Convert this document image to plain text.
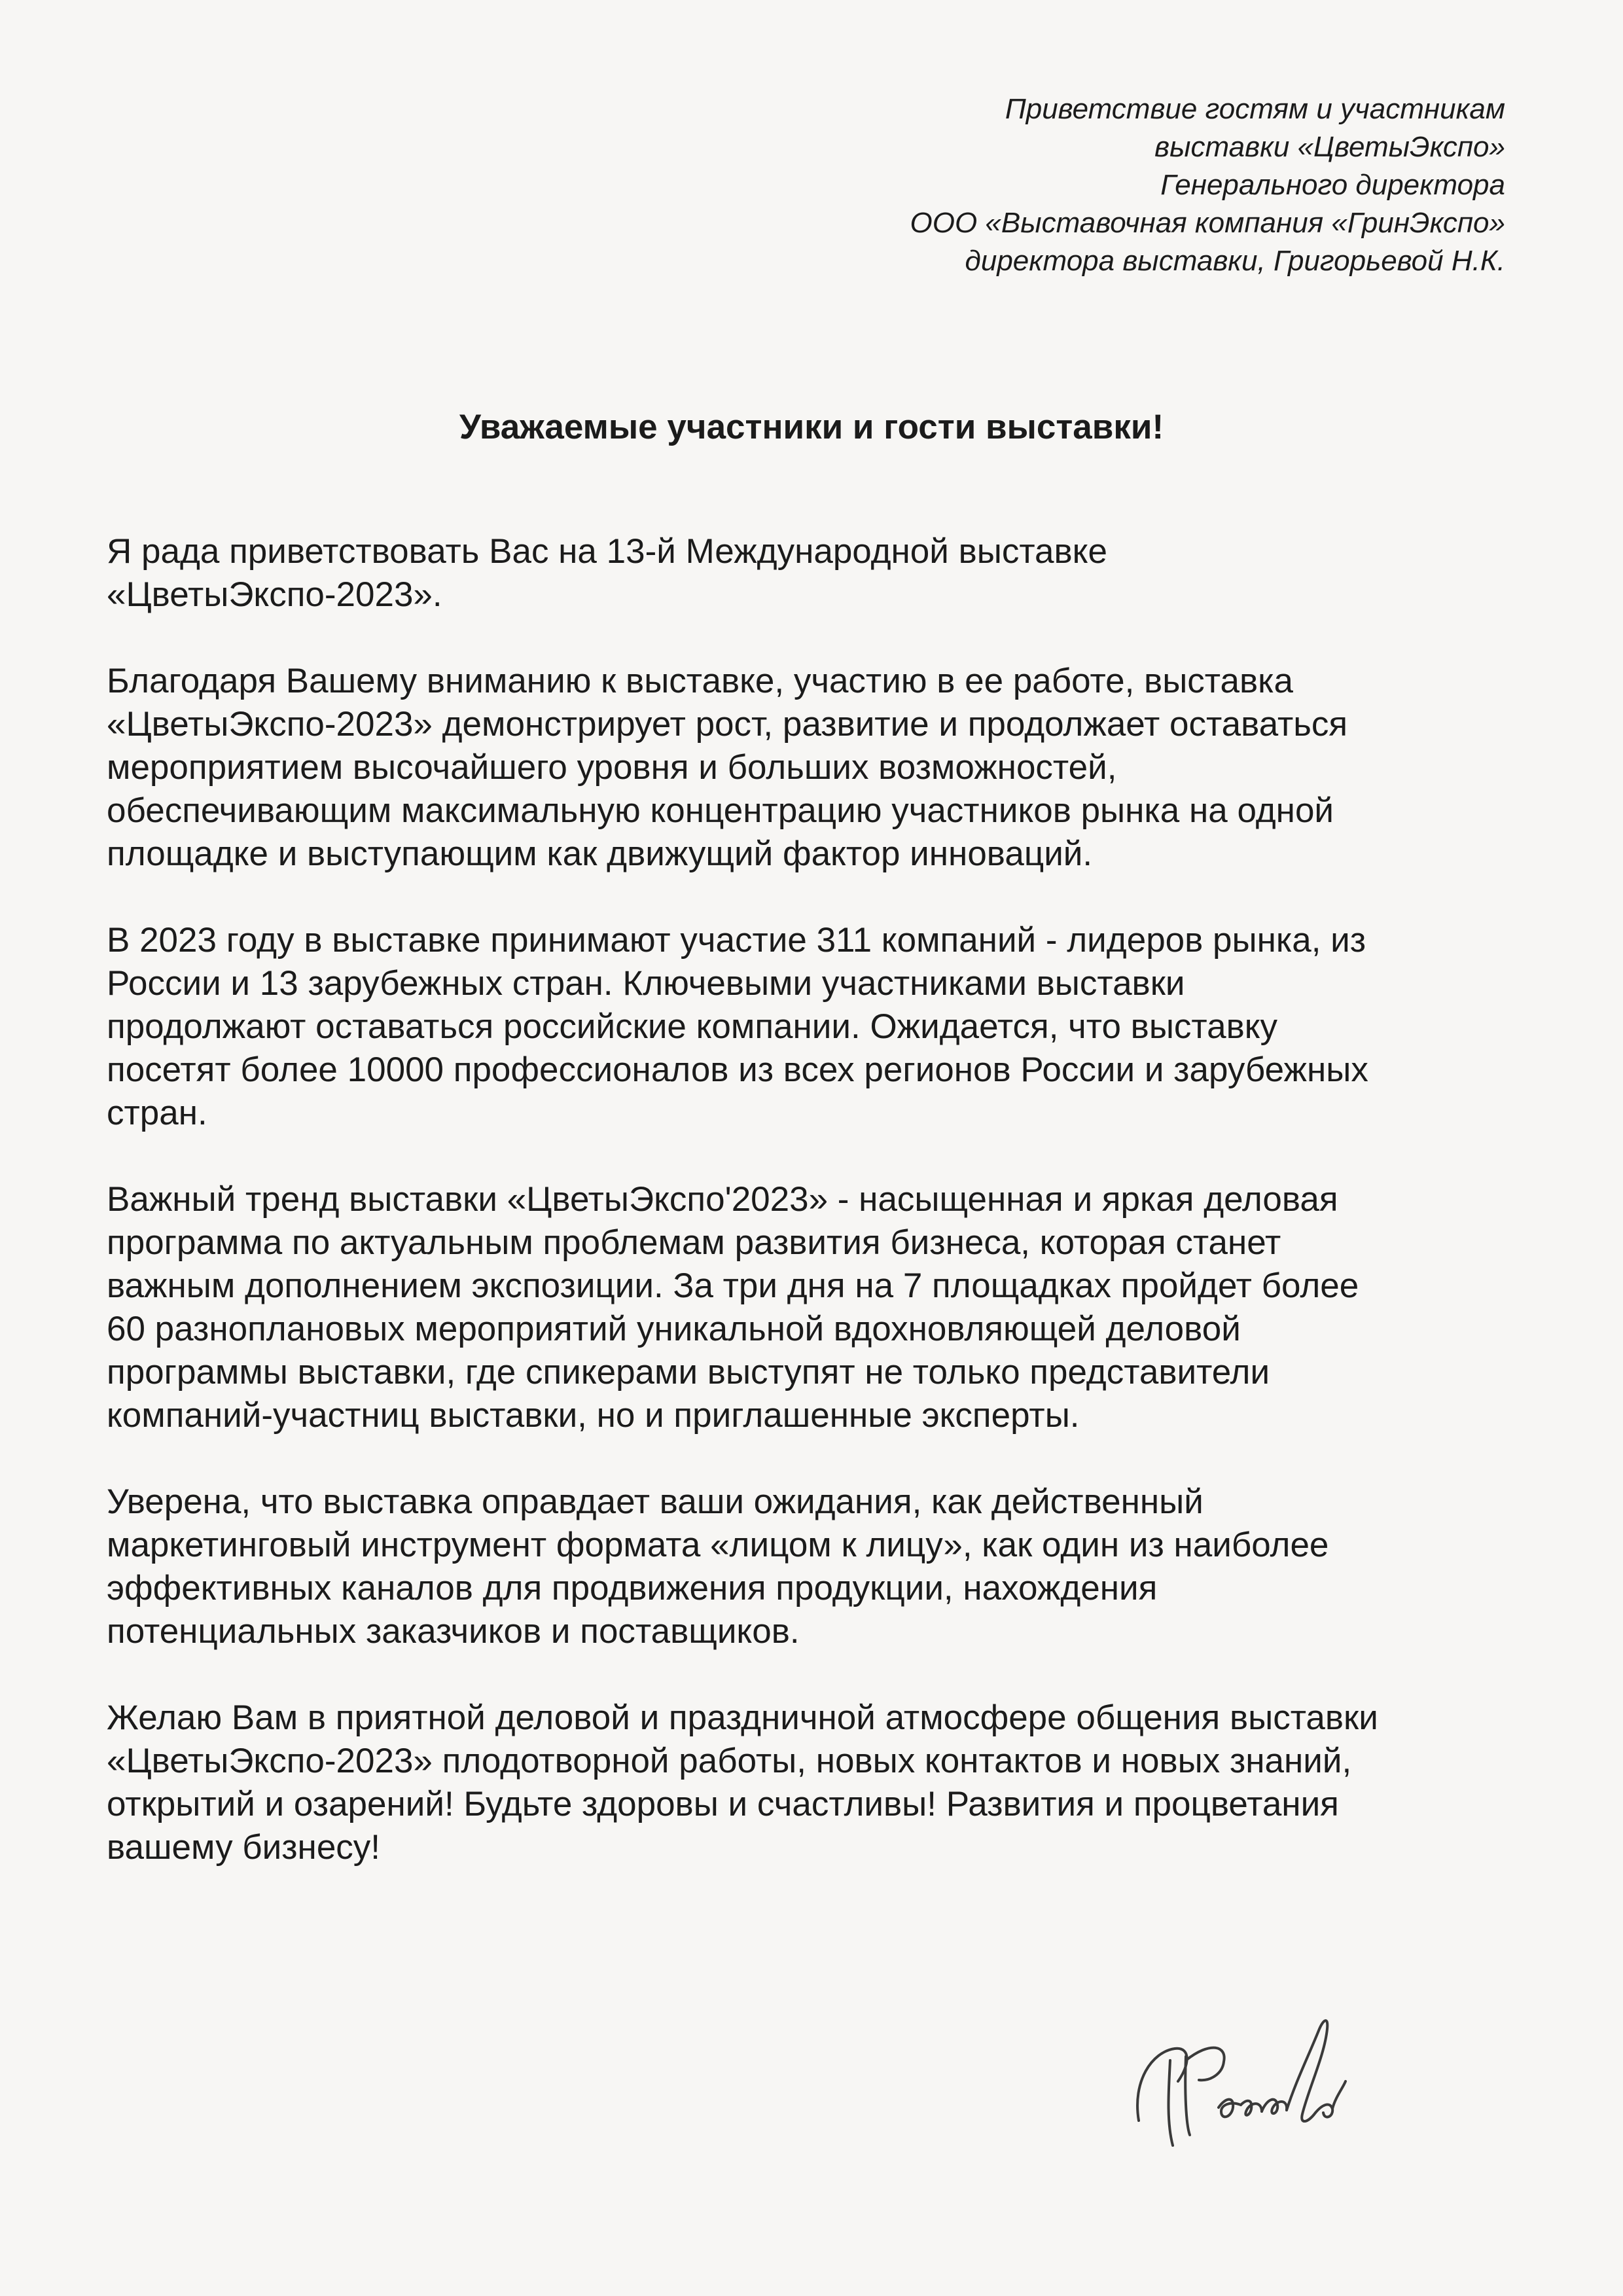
Приветствие гостям и участникам
выставки «ЦветыЭкспо»
Генерального директора
ООО «Выставочная компания «ГринЭкспо»
директора выставки, Григорьевой Н.К.
Уважаемые участники и гости выставки!

Я рада приветствовать Вас на 13-й Международной выставке
«ЦветыЭкспо-2023».

Благодаря Вашему вниманию к выставке, участию в ее работе, выставка
«ЦветыЭкспо-2023» демонстрирует рост, развитие и продолжает оставаться
мероприятием высочайшего уровня и больших возможностей,
обеспечивающим максимальную концентрацию участников рынка на одной
площадке и выступающим как движущий фактор инноваций.

В 2023 году в выставке принимают участие 311 компаний - лидеров рынка, из
России и 13 зарубежных стран. Ключевыми участниками выставки
продолжают оставаться российские компании. Ожидается, что выставку
посетят более 10000 профессионалов из всех регионов России и зарубежных
стран.

Важный тренд выставки «ЦветыЭкспо'2023» - насыщенная и яркая деловая
программа по актуальным проблемам развития бизнеса, которая станет
важным дополнением экспозиции. За три дня на 7 площадках пройдет более
60 разноплановых мероприятий уникальной вдохновляющей деловой
программы выставки, где спикерами выступят не только представители
компаний-участниц выставки, но и приглашенные эксперты.

Уверена, что выставка оправдает ваши ожидания, как действенный
маркетинговый инструмент формата «лицом к лицу», как один из наиболее
эффективных каналов для продвижения продукции, нахождения
потенциальных заказчиков и поставщиков.

Желаю Вам в приятной деловой и праздничной атмосфере общения выставки
«ЦветыЭкспо-2023» плодотворной работы, новых контактов и новых знаний,
открытий и озарений! Будьте здоровы и счастливы! Развития и процветания
вашему бизнесу!
